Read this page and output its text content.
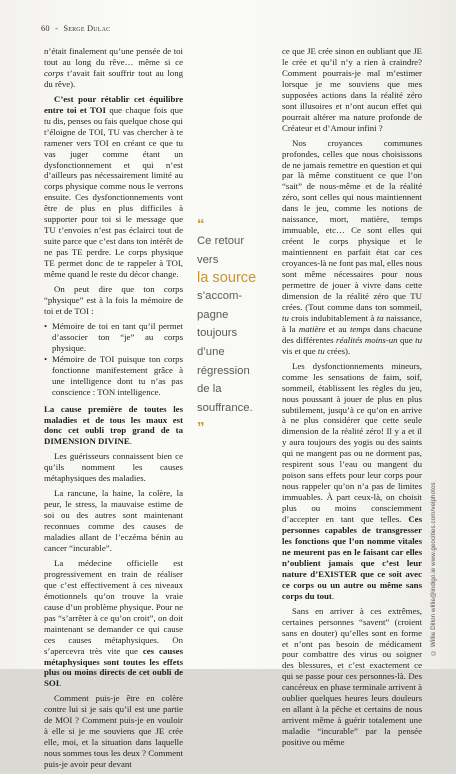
60 - Serge Dulac

n’était finalement qu’une pensée de toi tout au long du rêve… même si ce corps t’avait fait souffrir tout au long du rêve).

C’est pour rétablir cet équilibre entre toi et TOI que chaque fois que tu dis, penses ou fais quelque chose qui t’éloigne de TOI, TU vas chercher à te ramener vers TOI en créant ce que tu vas juger comme étant un dysfonctionnement et qui n’est d’ailleurs pas nécessairement limité au corps physique comme nous le verrons ensuite. Ces dysfonctionnements vont être de plus en plus difficiles à supporter pour toi si le message que TU t’envoies n’est pas éclairci tout de suite parce que c’est dans ton intérêt de ne pas TE perdre. Le corps physique TE permet donc de te rappeler à TOI, même quand le reste du décor change.

On peut dire que ton corps “physique” est à la fois la mémoire de toi et de TOI :

• Mémoire de toi en tant qu’il permet d’associer ton “je” au corps physique.

• Mémoire de TOI puisque ton corps fonctionne manifestement grâce à une intelligence dont tu n’as pas conscience : TON intelligence.

La cause première de toutes les maladies et de tous les maux est donc cet oubli trop grand de ta DIMENSION DIVINE.

Les guérisseurs connaissent bien ce qu’ils nomment les causes métaphysiques des maladies.

La rancune, la haine, la colère, la peur, le stress, la mauvaise estime de soi ou des autres sont maintenant reconnues comme des causes de maladies allant de l’eczéma bénin au cancer “incurable”.

La médecine officielle est progressivement en train de réaliser que c’est effectivement à ces niveaux émotionnels qu’on trouve la vraie cause d’un problème physique. Pour ne pas “s’arrêter à ce qu’on croit”, on doit maintenant se demander ce qui cause ces causes métaphysiques. On s’apercevra très vite que ces causes métaphysiques sont toutes les effets plus ou moins directs de cet oubli de SOI.

Comment puis-je être en colère contre lui si je sais qu’il est une partie de MOI ? Comment puis-je en vouloir à elle si je me souviens que JE crée elle, moi, et la situation dans laquelle nous sommes tous les deux ? Comment puis-je avoir peur devant

“
Ce retour
vers
la source
s’accom-
pagne
toujours
d’une
régression
de la
souffrance.
”

ce que JE crée sinon en oubliant que JE le crée et qu’il n’y a rien à craindre? Comment pourrais-je mal m’estimer lorsque je me souviens que mes supposées actions dans la réalité zéro sont illusoires et n’ont aucun effet qui pourrait altérer ma nature profonde de Créateur et d’Amour infini ?

Nos croyances communes profondes, celles que nous choisissons de ne jamais remettre en question et qui par là même constituent ce que l’on “sait” de nous-même et de la réalité zéro, sont celles qui nous maintiennent dans le jeu, comme les notions de naissance, mort, matière, temps immuable, etc… Ce sont elles qui créent le corps physique et le maintiennent en parfait état car ces croyances-là ne font pas mal, elles nous sont même nécessaires pour nous permettre de jouer à vivre dans cette dimension de la réalité zéro que TU crées. (Tout comme dans ton sommeil, tu crois indubitablement à ta naissance, à la matière et au temps dans chacune des différentes réalités moins-un que tu vis et que tu crées).

Les dysfonctionnements mineurs, comme les sensations de faim, soif, sommeil, établissent les règles du jeu, nous poussant à jouer de plus en plus subtilement, jusqu’à ce qu’on en arrive à ne plus considérer que cette seule dimension de la réalité zéro! Il y a et il y aura toujours des yogis ou des saints qui ne mangent pas ou ne dorment pas, respirent sous l’eau ou mangent du poison sans effets pour leur corps pour nous rappeler qu’on n’a pas de limites immuables. À part ceux-là, on choisit plus ou moins consciemment d’accepter en tant que telles. Ces personnes capables de transgresser les fonctions que l’on nomme vitales ne meurent pas en le faisant car elles n’oublient jamais que c’est leur nature d’EXISTER que ce soit avec ce corps ou un autre ou même sans corps du tout.

Sans en arriver à ces extrêmes, certaines personnes “savent” (croient sans en douter) qu’elles sont en forme et n’ont pas besoin de médicament pour combattre des virus ou soigner des blessures, et c’est exactement ce qui se passe pour ces personnes-là. Des cancéreux en phase terminale arrivent à oublier quelques heures leurs douleurs en allant à la pêche et certains de nous arrivent même à guérir totalement une maladie “incurable” par la pensée positive ou même

© Willie Dillon willie@indigo.ie www.geocities.com/velphotos
